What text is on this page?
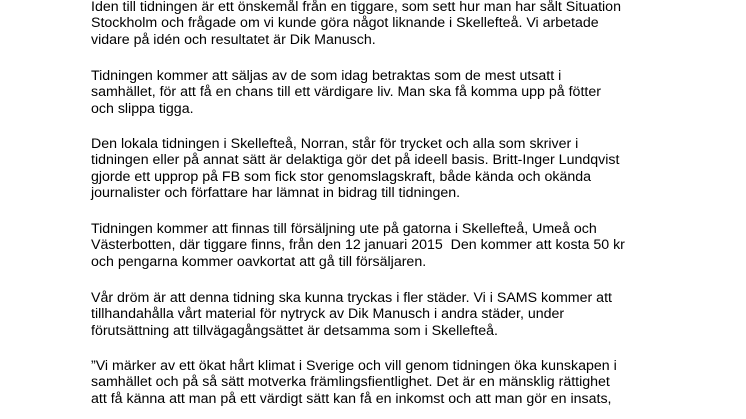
Iden till tidningen är ett önskemål från en tiggare, som sett hur man har sålt Situation
Stockholm och frågade om vi kunde göra något liknande i Skellefteå. Vi arbetade
vidare på idén och resultatet är Dik Manusch.
Tidningen kommer att säljas av de som idag betraktas som de mest utsatt i
samhället, för att få en chans till ett värdigare liv. Man ska få komma upp på fötter
och slippa tigga.
Den lokala tidningen i Skellefteå, Norran, står för trycket och alla som skriver i
tidningen eller på annat sätt är delaktiga gör det på ideell basis. Britt-Inger Lundqvist
gjorde ett upprop på FB som fick stor genomslagskraft, både kända och okända
journalister och författare har lämnat in bidrag till tidningen.
Tidningen kommer att finnas till försäljning ute på gatorna i Skellefteå, Umeå och
Västerbotten, där tiggare finns, från den 12 januari 2015  Den kommer att kosta 50 kr
och pengarna kommer oavkortat att gå till försäljaren.
Vår dröm är att denna tidning ska kunna tryckas i fler städer. Vi i SAMS kommer att
tillhandahålla vårt material för nytryck av Dik Manusch i andra städer, under
förutsättning att tillvägagångsättet är detsamma som i Skellefteå.
”Vi märker av ett ökat hårt klimat i Sverige och vill genom tidningen öka kunskapen i
samhället och på så sätt motverka främlingsfientlighet. Det är en mänsklig rättighet
att få känna att man på ett värdigt sätt kan få en inkomst och att man gör en insats,
